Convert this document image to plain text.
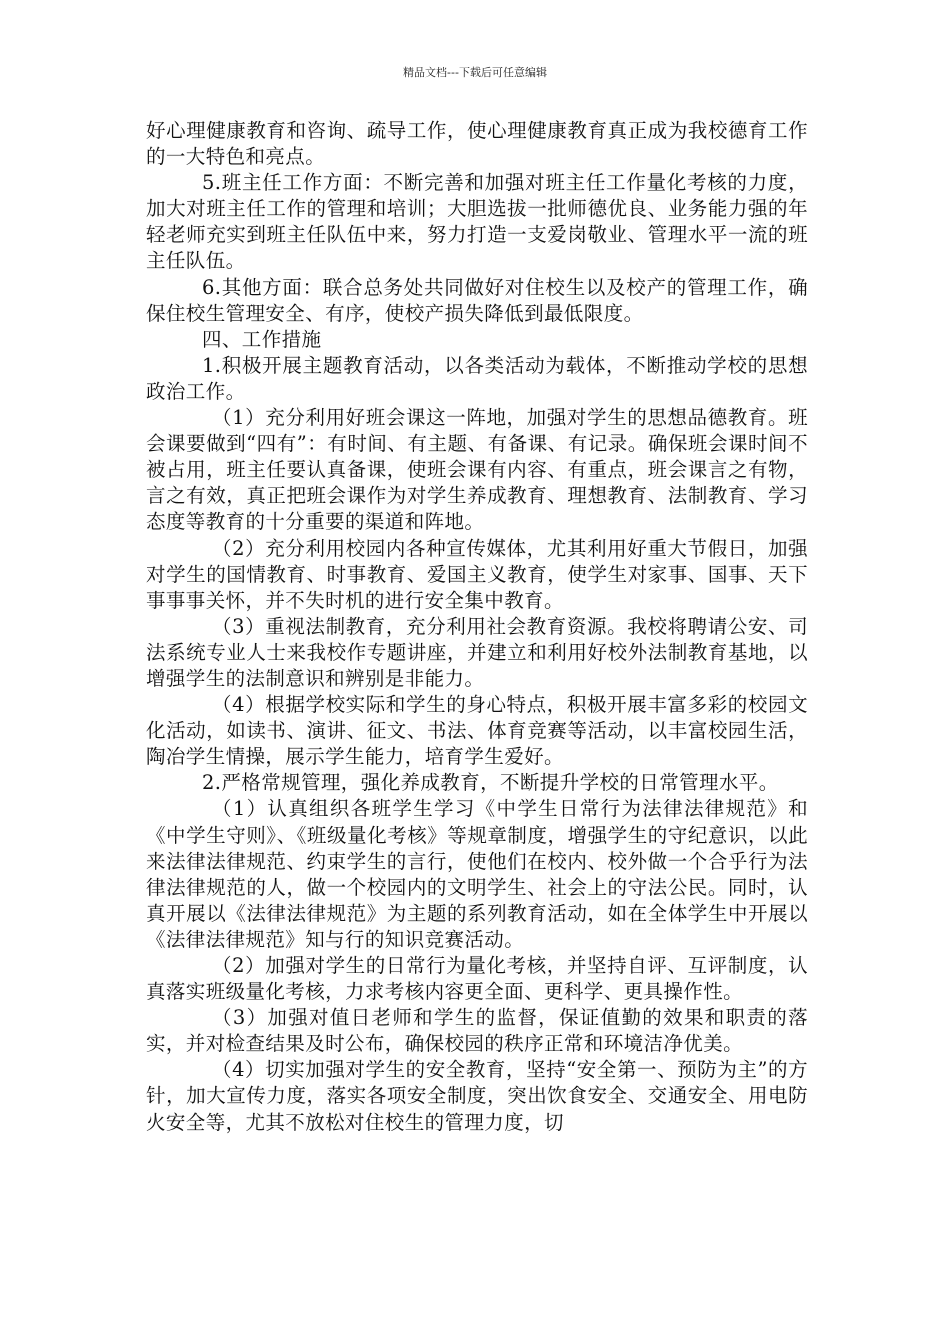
精品文档---下载后可任意编辑

好心理健康教育和咨询、疏导工作，使心理健康教育真正成为我校德育工作的一大特色和亮点。

5.班主任工作方面：不断完善和加强对班主任工作量化考核的力度，加大对班主任工作的管理和培训；大胆选拔一批师德优良、业务能力强的年轻老师充实到班主任队伍中来，努力打造一支爱岗敬业、管理水平一流的班主任队伍。

6.其他方面：联合总务处共同做好对住校生以及校产的管理工作，确保住校生管理安全、有序，使校产损失降低到最低限度。

四、工作措施

1.积极开展主题教育活动，以各类活动为载体，不断推动学校的思想政治工作。

（1）充分利用好班会课这一阵地，加强对学生的思想品德教育。班会课要做到“四有”：有时间、有主题、有备课、有记录。确保班会课时间不被占用，班主任要认真备课，使班会课有内容、有重点，班会课言之有物，言之有效，真正把班会课作为对学生养成教育、理想教育、法制教育、学习态度等教育的十分重要的渠道和阵地。

（2）充分利用校园内各种宣传媒体，尤其利用好重大节假日，加强对学生的国情教育、时事教育、爱国主义教育，使学生对家事、国事、天下事事事关怀，并不失时机的进行安全集中教育。

（3）重视法制教育，充分利用社会教育资源。我校将聘请公安、司法系统专业人士来我校作专题讲座，并建立和利用好校外法制教育基地，以增强学生的法制意识和辨别是非能力。

（4）根据学校实际和学生的身心特点，积极开展丰富多彩的校园文化活动，如读书、演讲、征文、书法、体育竞赛等活动，以丰富校园生活，陶冶学生情操，展示学生能力，培育学生爱好。

2.严格常规管理，强化养成教育，不断提升学校的日常管理水平。

（1）认真组织各班学生学习《中学生日常行为法律法律规范》和《中学生守则》、《班级量化考核》等规章制度，增强学生的守纪意识，以此来法律法律规范、约束学生的言行，使他们在校内、校外做一个合乎行为法律法律规范的人，做一个校园内的文明学生、社会上的守法公民。同时，认真开展以《法律法律规范》为主题的系列教育活动，如在全体学生中开展以《法律法律规范》知与行的知识竞赛活动。

（2）加强对学生的日常行为量化考核，并坚持自评、互评制度，认真落实班级量化考核，力求考核内容更全面、更科学、更具操作性。

（3）加强对值日老师和学生的监督，保证值勤的效果和职责的落实，并对检查结果及时公布，确保校园的秩序正常和环境洁净优美。

（4）切实加强对学生的安全教育，坚持“安全第一、预防为主”的方针，加大宣传力度，落实各项安全制度，突出饮食安全、交通安全、用电防火安全等，尤其不放松对住校生的管理力度，切
